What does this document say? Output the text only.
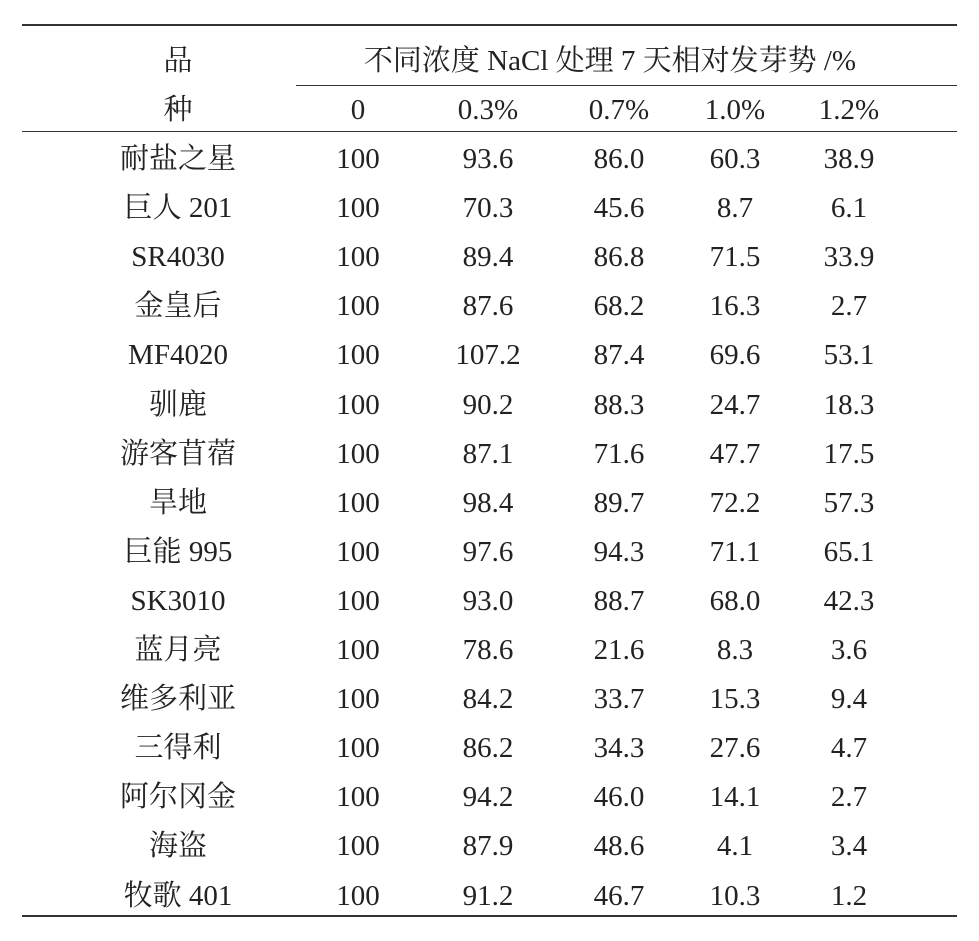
品	不同浓度 NaCl 处理 7 天相对发芽势 /%
种	0	0.3% 0.7% 1.0% 1.2%
耐盐之星	100	93.6	86.0 60.3 38.9
巨人 201	100	70.3	45.6	8.7	6.1
SR4030	100	89.4	86.8 71.5 33.9
金皇后	100	87.6	68.2 16.3 2.7
MF4020	100	107.2	87.4 69.6 53.1
驯鹿	100	90.2	88.3 24.7 18.3
游客苜蓿	100	87.1	71.6 47.7 17.5
旱地	100	98.4	89.7 72.2 57.3
巨能 995	100	97.6	94.3 71.1 65.1
SK3010	100	93.0	88.7 68.0 42.3
蓝月亮	100	78.6	21.6	8.3	3.6
维多利亚	100	84.2	33.7 15.3 9.4
三得利	100	86.2	34.3 27.6 4.7
阿尔冈金	100	94.2	46.0 14.1 2.7
海盗	100	87.9	48.6	4.1	3.4
牧歌 401	100	91.2	46.7 10.3 1.2
